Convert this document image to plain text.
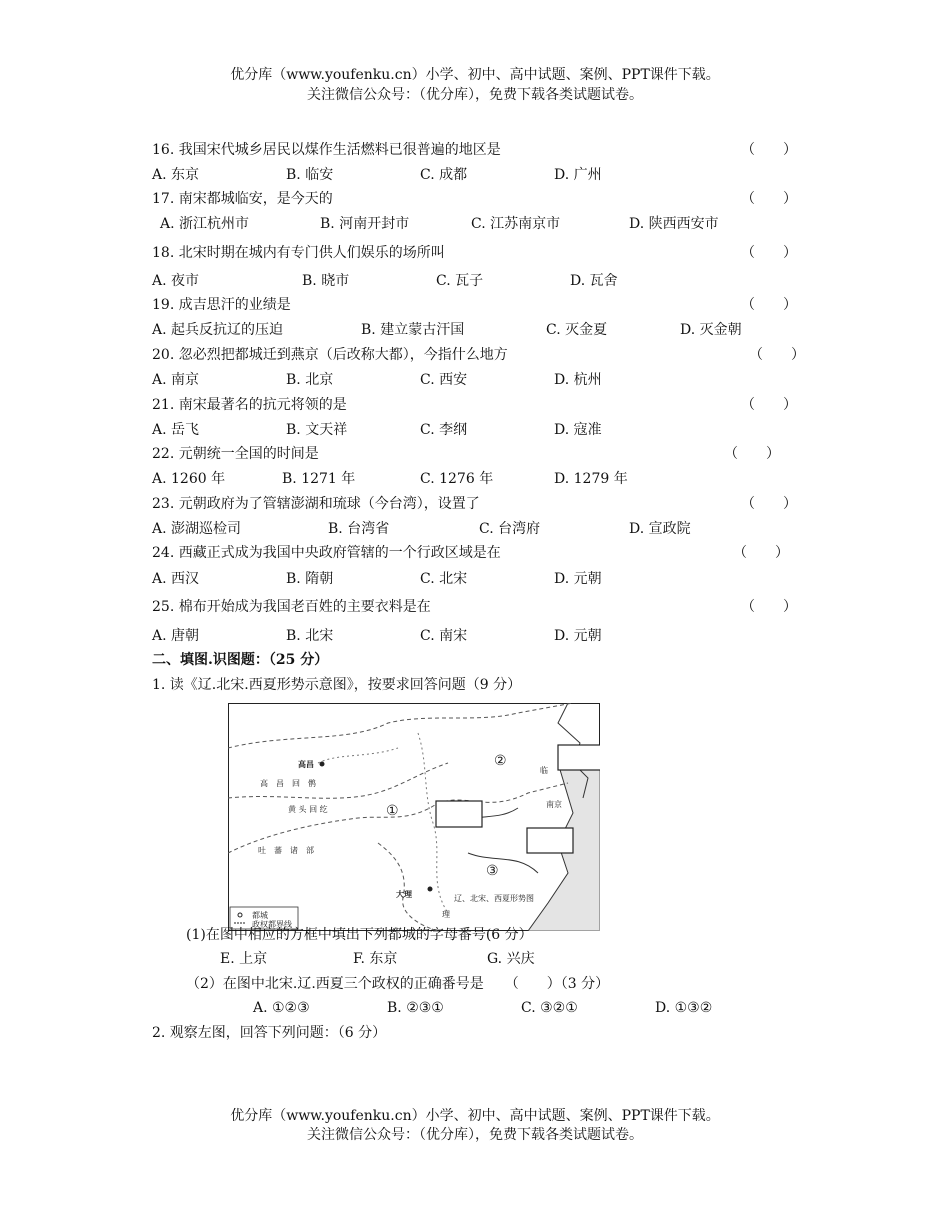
优分库（www.youfenku.cn）小学、初中、高中试题、案例、PPT课件下载。
关注微信公众号：（优分库），免费下载各类试题试卷。
16. 我国宋代城乡居民以煤作生活燃料已很普遍的地区是	（　　）
A. 东京	B. 临安	C. 成都	D. 广州
17. 南宋都城临安，是今天的	（　　）
A. 浙江杭州市	B. 河南开封市	C. 江苏南京市	D. 陕西西安市
18. 北宋时期在城内有专门供人们娱乐的场所叫	（　　）
A. 夜市	B. 晓市	C. 瓦子	D. 瓦舍
19. 成吉思汗的业绩是	（　　）
A. 起兵反抗辽的压迫	B. 建立蒙古汗国	C. 灭金夏	D. 灭金朝
20. 忽必烈把都城迁到燕京（后改称大都），今指什么地方	（　　）
A. 南京	B. 北京	C. 西安	D. 杭州
21. 南宋最著名的抗元将领的是	（　　）
A. 岳飞	B. 文天祥	C. 李纲	D. 寇准
22. 元朝统一全国的时间是	（　　）
A. 1260 年	B. 1271 年	C. 1276 年	D. 1279 年
23. 元朝政府为了管辖澎湖和琉球（今台湾），设置了	（　　）
A. 澎湖巡检司	B. 台湾省	C. 台湾府	D. 宣政院
24. 西藏正式成为我国中央政府管辖的一个行政区域是在	（　　）
A. 西汉	B. 隋朝	C. 北宋	D. 元朝
25. 棉布开始成为我国老百姓的主要衣料是在	（　　）
A. 唐朝	B. 北宋	C. 南宋	D. 元朝
二、填图.识图题：（25 分）
1. 读《辽.北宋.西夏形势示意图》，按要求回答问题（9 分）
都城
政权都界线
高昌
高　昌　回　鹘
黄 头 回 纥
吐　蕃　诸　部
大理
理
临
南京
辽、北宋、西夏形势图
①
②
③
(1)在图中相应的方框中填出下列都城的字母番号(6 分）
E. 上京	F. 东京	G. 兴庆
（2）在图中北宋.辽.西夏三个政权的正确番号是　　（　　）（3 分）
A. ①②③	B. ②③①	C. ③②①	D. ①③②
2. 观察左图，回答下列问题：（6 分）
优分库（www.youfenku.cn）小学、初中、高中试题、案例、PPT课件下载。
关注微信公众号：（优分库），免费下载各类试题试卷。
